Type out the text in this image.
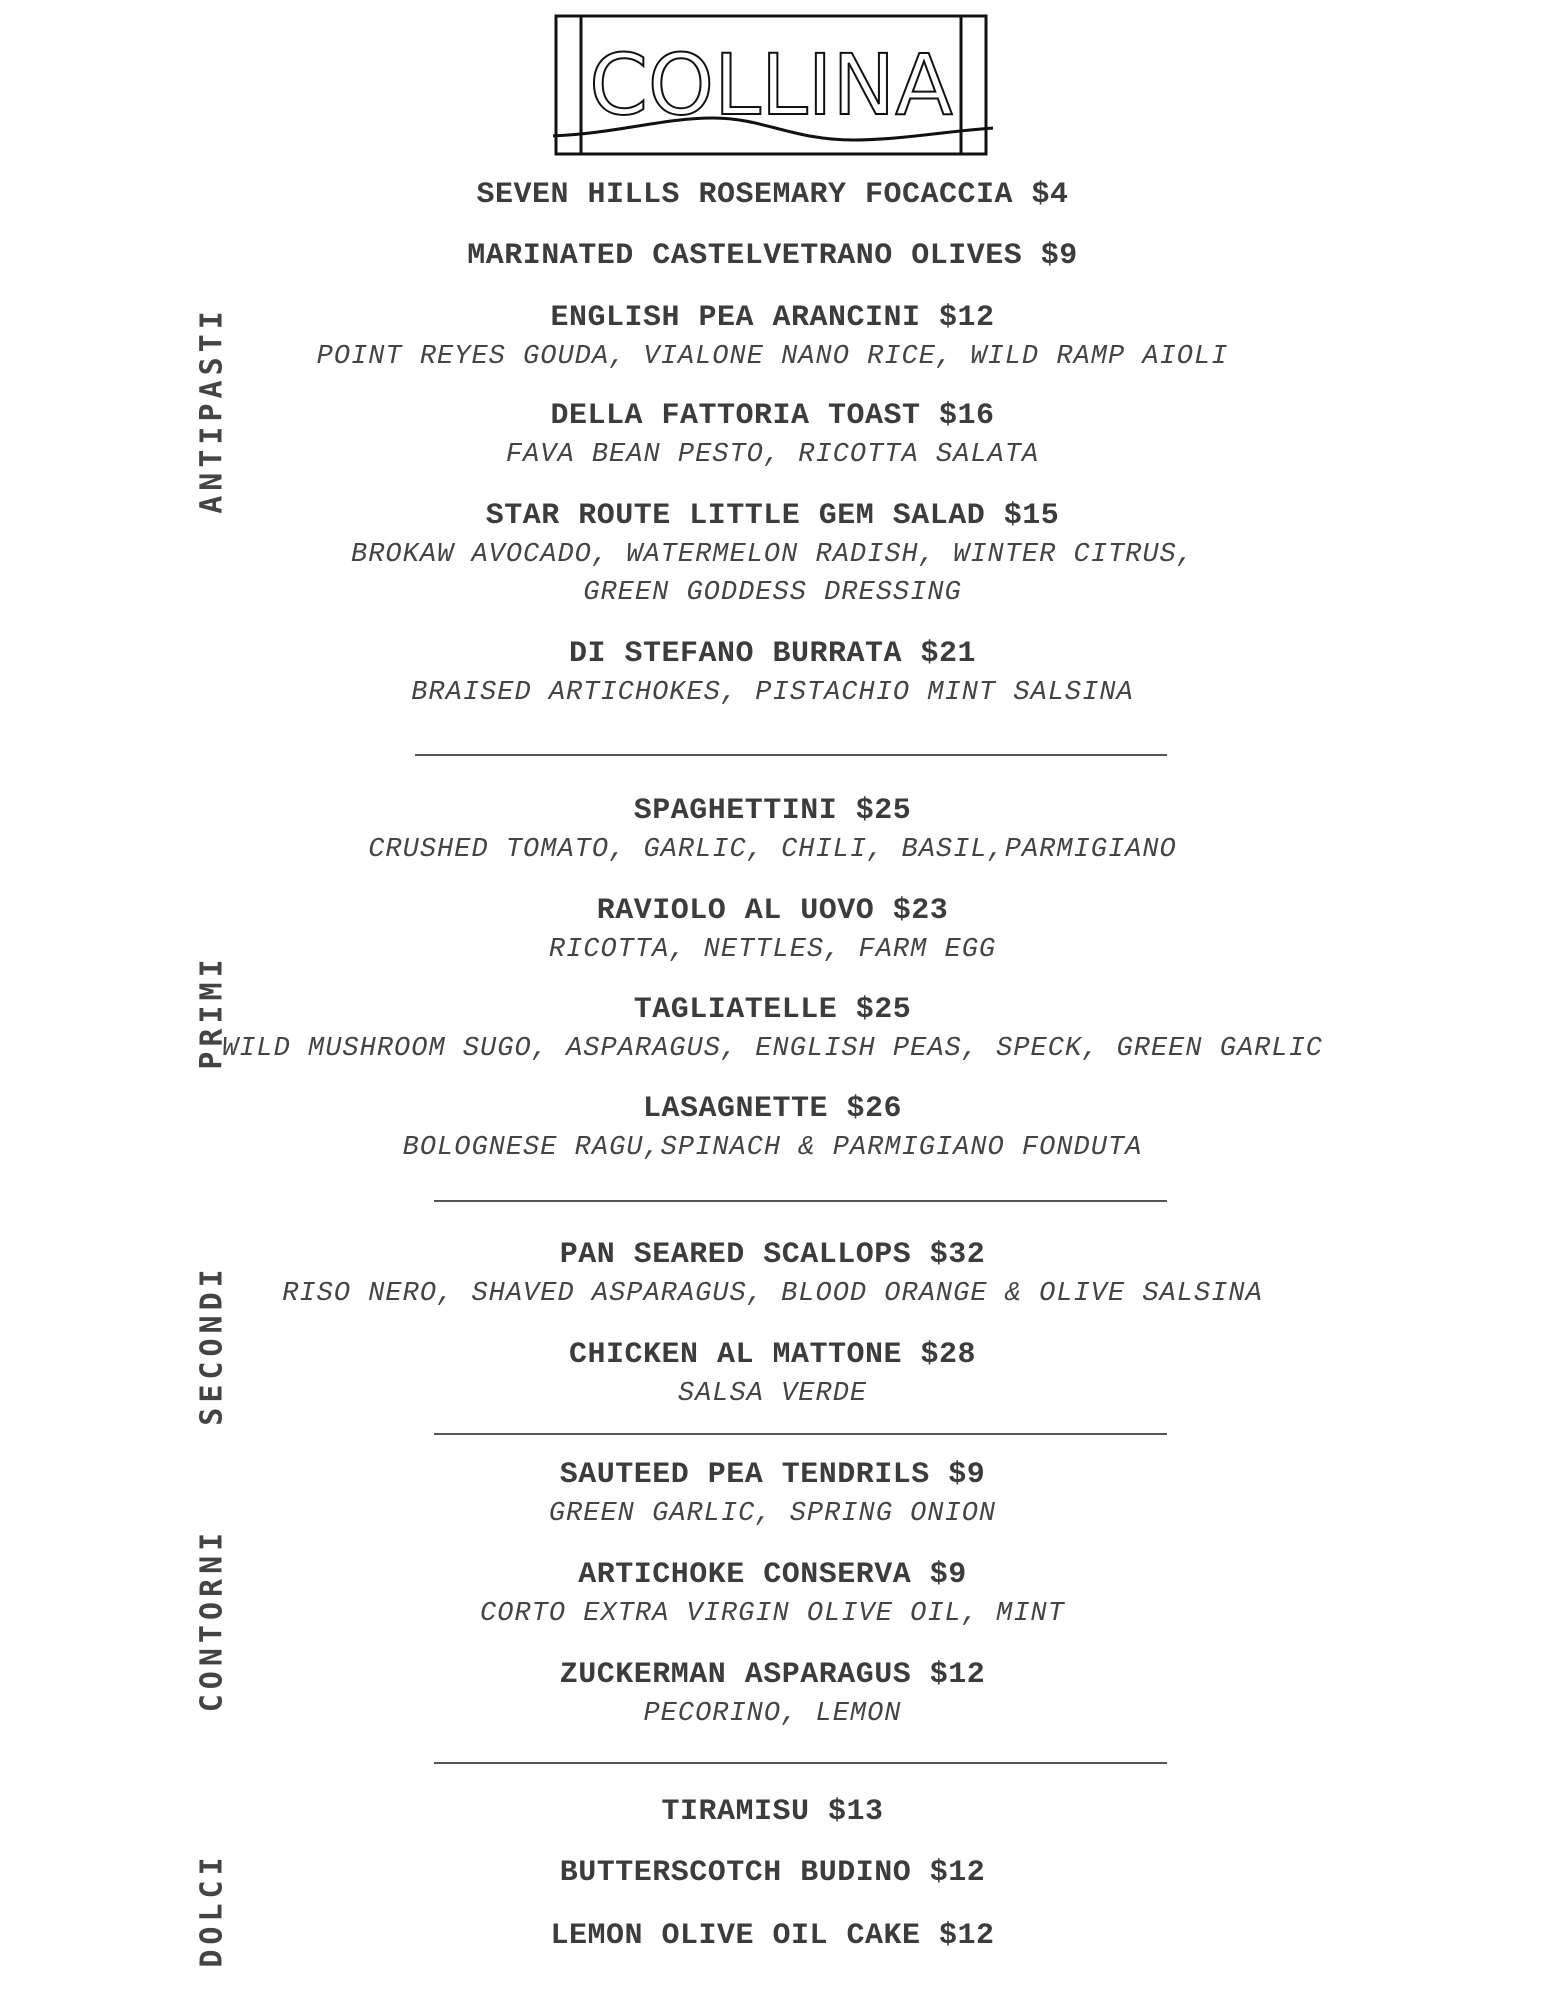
COLLINA
ANTIPASTI
PRIMI
SECONDI
CONTORNI
DOLCI
SEVEN HILLS ROSEMARY FOCACCIA $4
MARINATED CASTELVETRANO OLIVES $9
ENGLISH PEA ARANCINI $12
POINT REYES GOUDA, VIALONE NANO RICE, WILD RAMP AIOLI
DELLA FATTORIA TOAST $16
FAVA BEAN PESTO, RICOTTA SALATA
STAR ROUTE LITTLE GEM SALAD $15
BROKAW AVOCADO, WATERMELON RADISH, WINTER CITRUS,
GREEN GODDESS DRESSING
DI STEFANO BURRATA $21
BRAISED ARTICHOKES, PISTACHIO MINT SALSINA
SPAGHETTINI $25
CRUSHED TOMATO, GARLIC, CHILI, BASIL,PARMIGIANO
RAVIOLO AL UOVO $23
RICOTTA, NETTLES, FARM EGG
TAGLIATELLE $25
WILD MUSHROOM SUGO, ASPARAGUS, ENGLISH PEAS, SPECK, GREEN GARLIC
LASAGNETTE $26
BOLOGNESE RAGU,SPINACH & PARMIGIANO FONDUTA
PAN SEARED SCALLOPS $32
RISO NERO, SHAVED ASPARAGUS, BLOOD ORANGE & OLIVE SALSINA
CHICKEN AL MATTONE $28
SALSA VERDE
SAUTEED PEA TENDRILS $9
GREEN GARLIC, SPRING ONION
ARTICHOKE CONSERVA $9
CORTO EXTRA VIRGIN OLIVE OIL, MINT
ZUCKERMAN ASPARAGUS $12
PECORINO, LEMON
TIRAMISU $13
BUTTERSCOTCH BUDINO $12
LEMON OLIVE OIL CAKE $12
